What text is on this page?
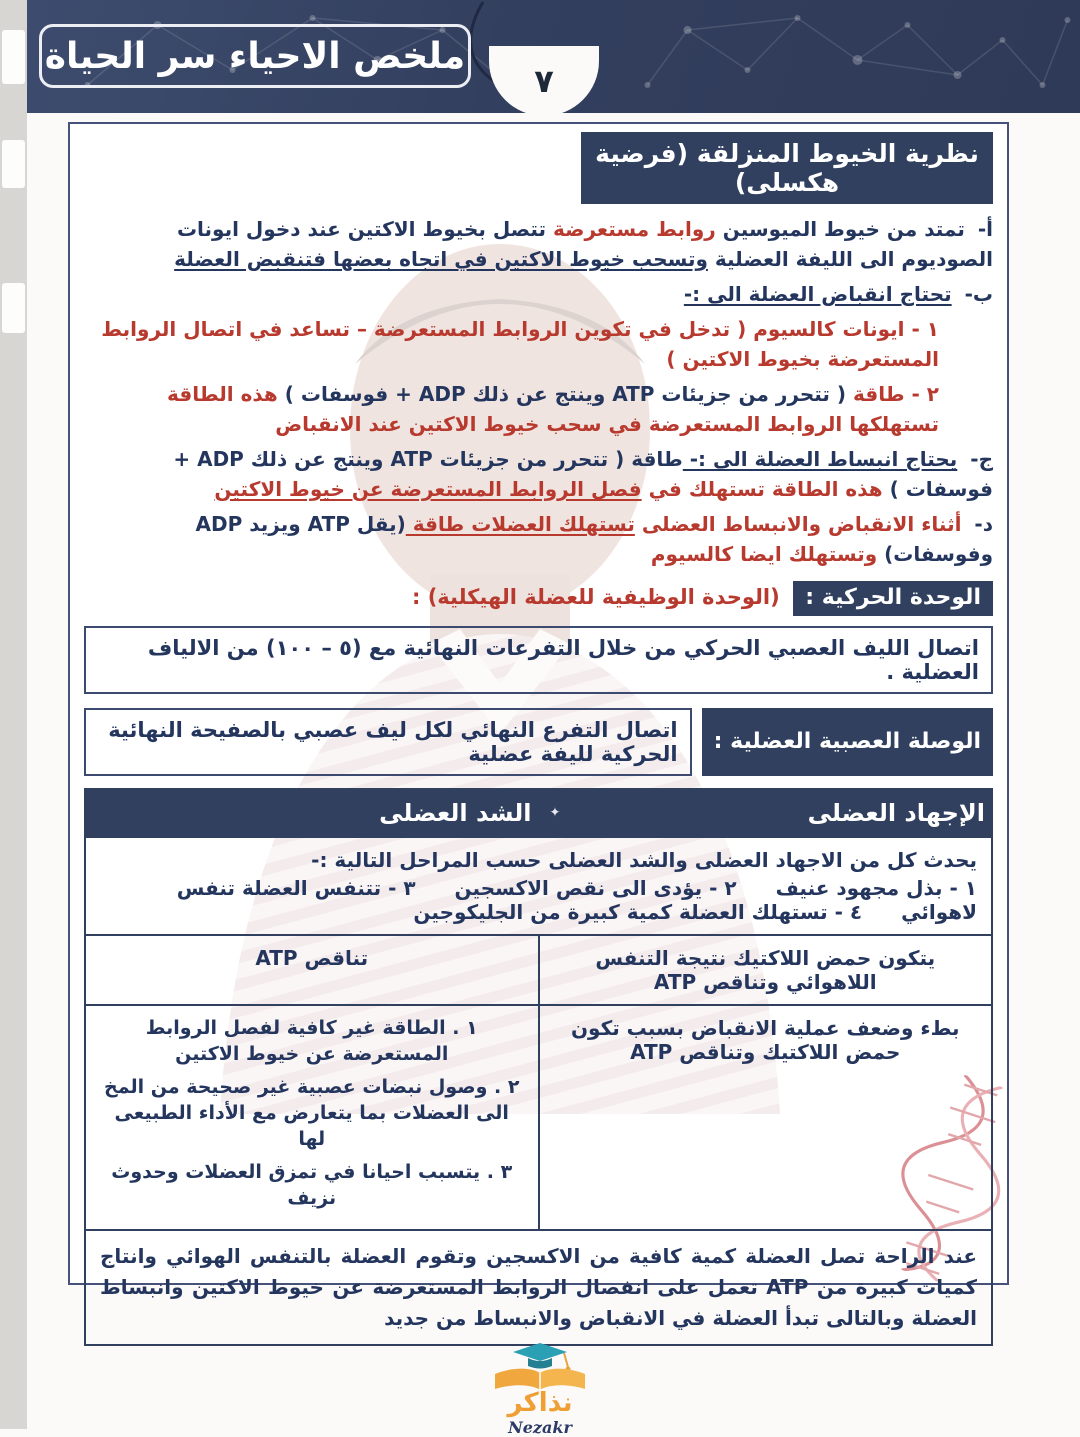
ملخص الاحياء سر الحياة
٧
نظرية الخيوط المنزلقة (فرضية هكسلى)

أ- تمتد من خيوط الميوسين روابط مستعرضة تتصل بخيوط الاكتين عند دخول ايونات الصوديوم الى الليفة العضلية وتسحب خيوط الاكتين في اتجاه بعضها فتنقبض العضلة

ب- تحتاج انقباض العضلة الى :-

١ - ايونات كالسيوم ( تدخل في تكوين الروابط المستعرضة – تساعد في اتصال الروابط المستعرضة بخيوط الاكتين )

٢ - طاقة ( تتحرر من جزيئات ATP وينتج عن ذلك ADP + فوسفات ) هذه الطاقة تستهلكها الروابط المستعرضة في سحب خيوط الاكتين عند الانقباض

ج- يحتاج انبساط العضلة الى :- طاقة ( تتحرر من جزيئات ATP وينتج عن ذلك ADP + فوسفات ) هذه الطاقة تستهلك في فصل الروابط المستعرضة عن خيوط الاكتين

د- أثناء الانقباض والانبساط العضلى تستهلك العضلات طاقة (يقل ATP ويزيد ADP وفوسفات) وتستهلك ايضا كالسيوم

الوحدة الحركية : (الوحدة الوظيفية للعضلة الهيكلية) :
اتصال الليف العصبي الحركي من خلال التفرعات النهائية مع (٥ – ١٠٠) من الالياف العضلية .
الوصلة العصبية العضلية :
اتصال التفرع النهائي لكل ليف عصبي بالصفيحة النهائية الحركية لليفة عضلية
✦ الإجهاد العضلى	الشد العضلى

يحدث كل من الاجهاد العضلى والشد العضلى حسب المراحل التالية :-
١ - بذل مجهود عنيف ٢ - يؤدى الى نقص الاكسجين ٣ - تتنفس العضلة تنفس لاهوائي ٤ - تستهلك العضلة كمية كبيرة من الجليكوجين	

يتكون حمض اللاكتيك نتيجة التنفس اللاهوائي وتناقص ATP	تناقص ATP
بطء وضعف عملية الانقباض بسبب تكون حمض اللاكتيك وتناقص ATP	١ . الطاقة غير كافية لفصل الروابط المستعرضة عن خيوط الاكتين
٢ . وصول نبضات عصبية غير صحيحة من المخ الى العضلات بما يتعارض مع الأداء الطبيعى لها
٣ . يتسبب احيانا في تمزق العضلات وحدوث نزيف

عند الراحة تصل العضلة كمية كافية من الاكسجين وتقوم العضلة بالتنفس الهوائي وانتاج كميات كبيرة من ATP تعمل على انفصال الروابط المستعرضة عن خيوط الاكتين وانبساط العضلة وبالتالى تبدأ العضلة في الانقباض والانبساط من جديد	
نذاكر
Nezakr
